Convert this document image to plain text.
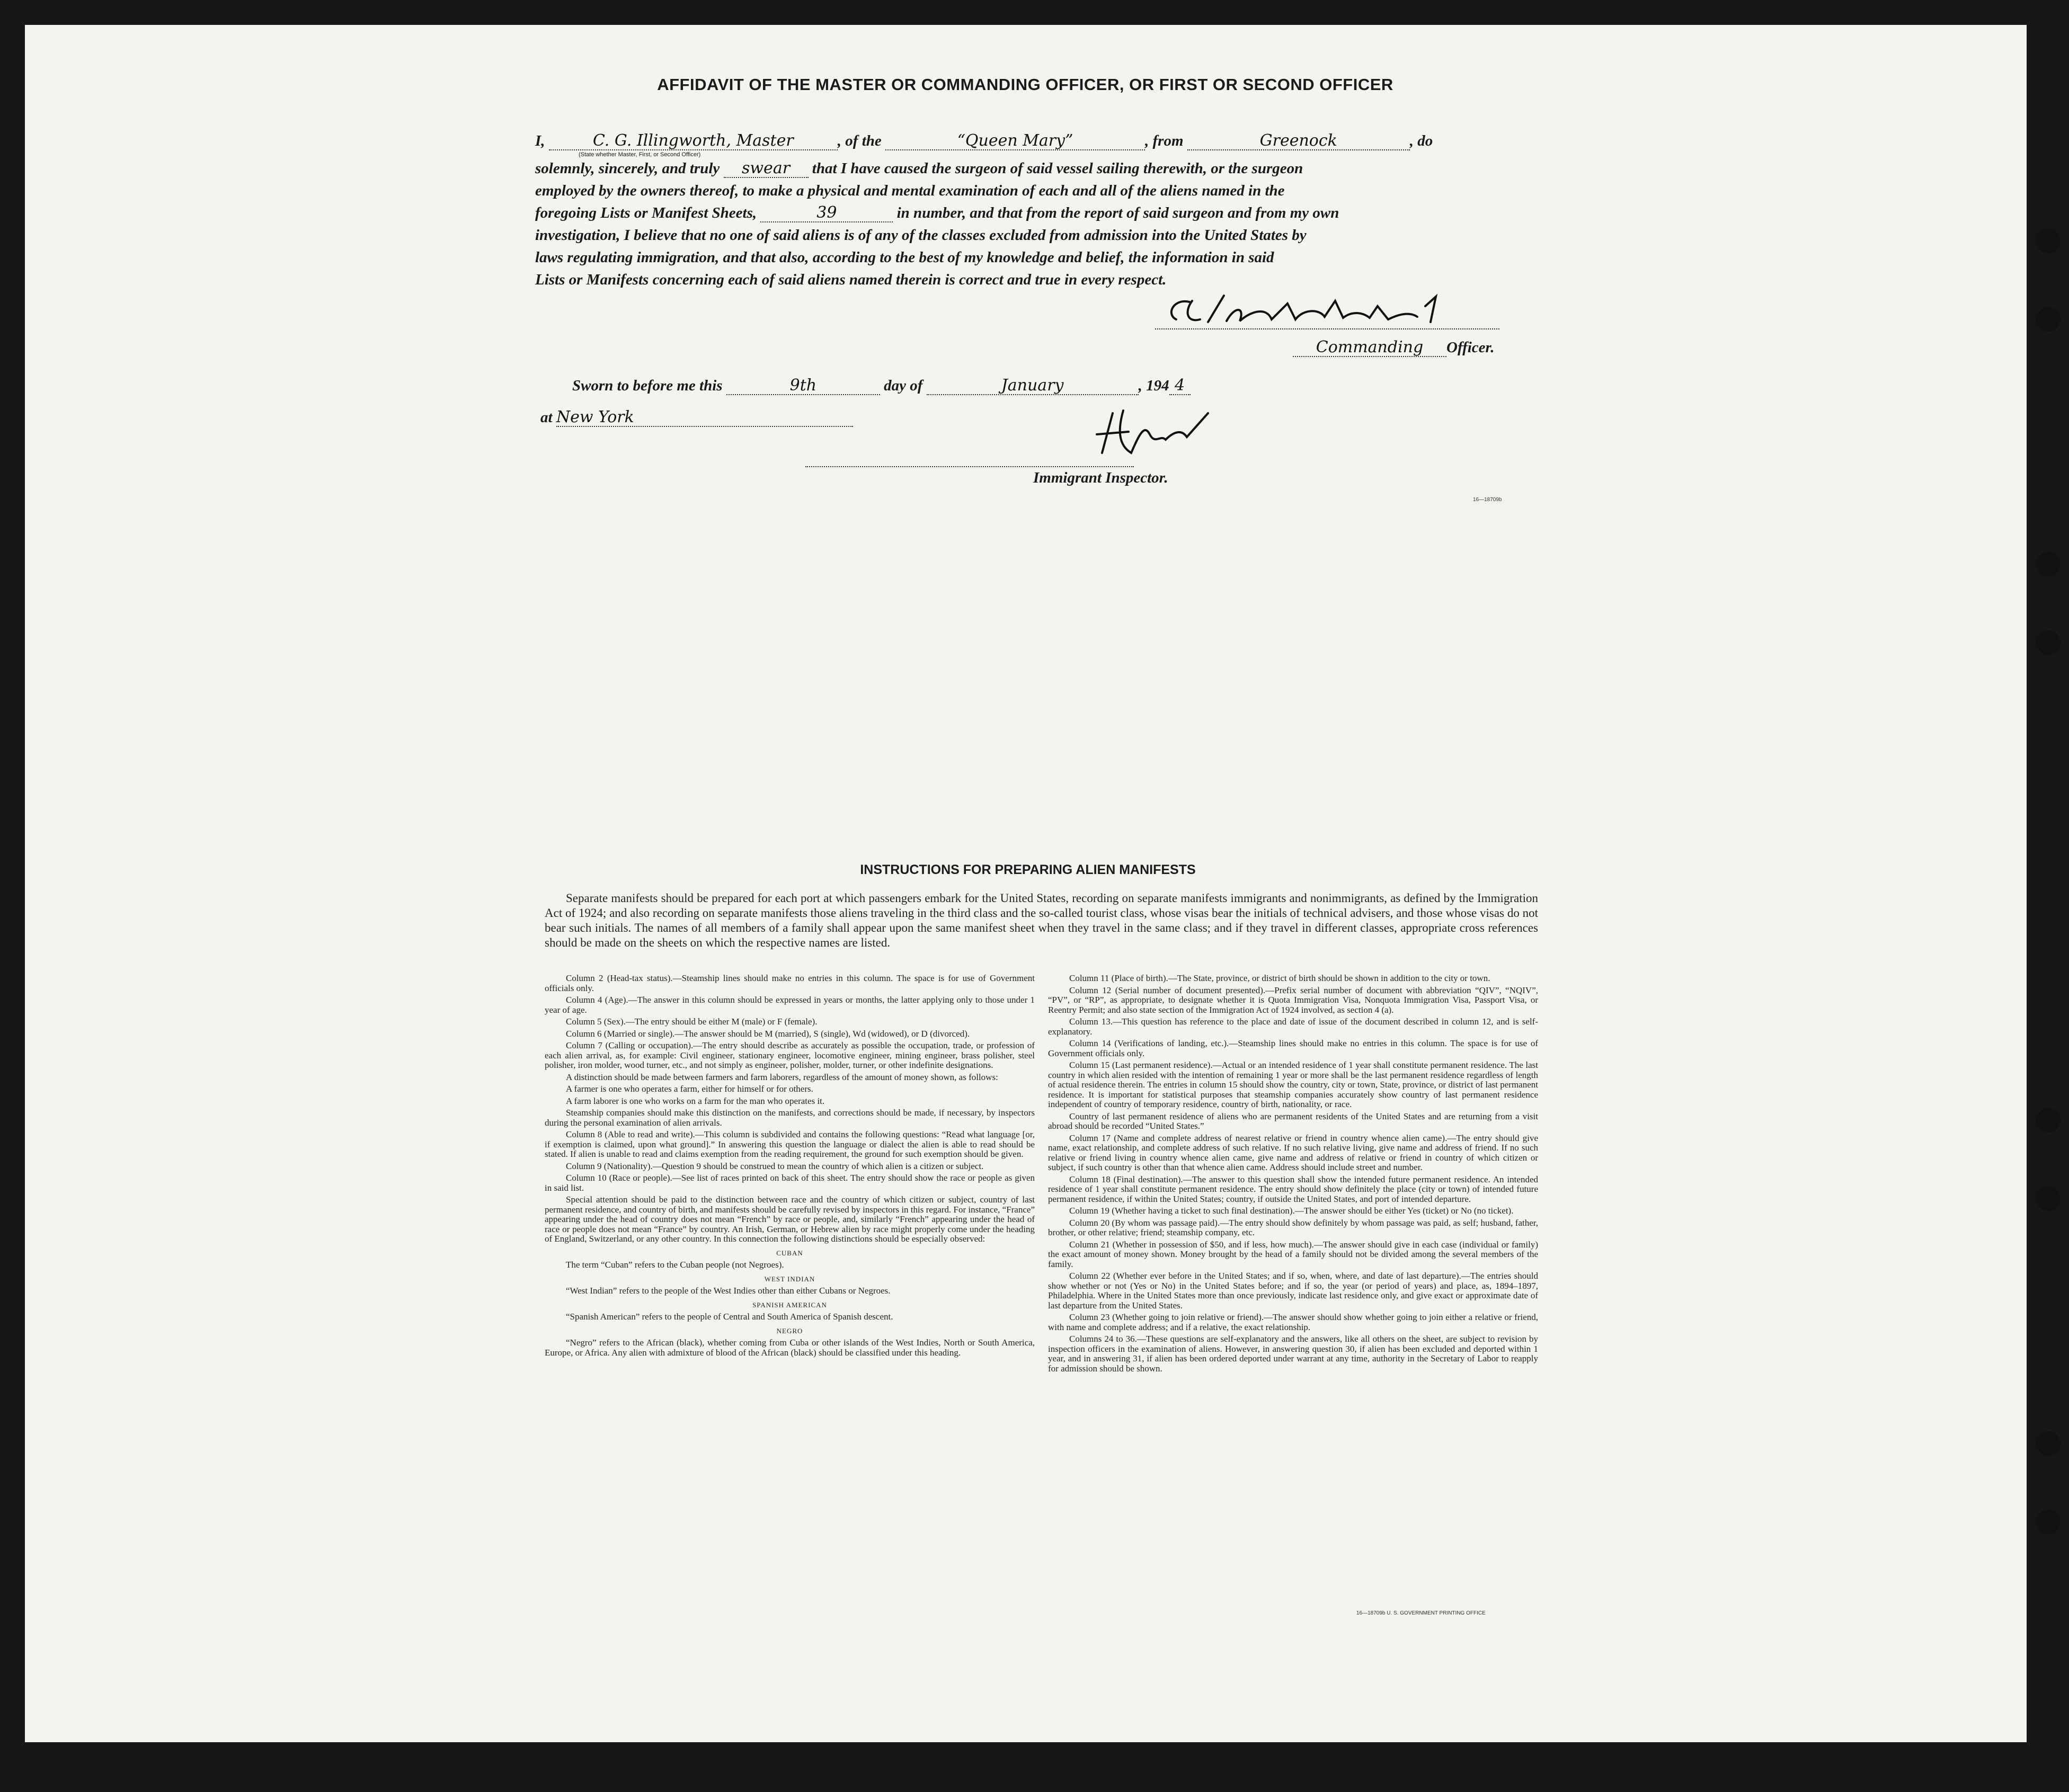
AFFIDAVIT OF THE MASTER OR COMMANDING OFFICER, OR FIRST OR SECOND OFFICER
I,	C. G. Illingworth, Master	, of the	“Queen Mary”	, from	Greenock	, do
(State whether Master, First, or Second Officer)
solemnly, sincerely, and truly swear that I have caused the surgeon of said vessel sailing therewith, or the surgeon
employed by the owners thereof, to make a physical and mental examination of each and all of the aliens named in the
foregoing Lists or Manifest Sheets,	39	in number, and that from the report of said surgeon and from my own
investigation, I believe that no one of said aliens is of any of the classes excluded from admission into the United States by
laws regulating immigration, and that also, according to the best of my knowledge and belief, the information in said
Lists or Manifests concerning each of said aliens named therein is correct and true in every respect.
Commanding Officer.
Sworn to before me this	9th	day of	January	, 194 4
at New York
Immigrant Inspector.
16—18709b
INSTRUCTIONS FOR PREPARING ALIEN MANIFESTS
Separate manifests should be prepared for each port at which passengers embark for the United States, recording on separate manifests immigrants and nonimmigrants, as defined by the Immigration Act of 1924; and also recording on separate manifests those aliens traveling in the third class and the so-called tourist class, whose visas bear the initials of technical advisers, and those whose visas do not bear such initials. The names of all members of a family shall appear upon the same manifest sheet when they travel in the same class; and if they travel in different classes, appropriate cross references should be made on the sheets on which the respective names are listed.

Column 2 (Head-tax status).—Steamship lines should make no entries in this column. The space is for use of Government officials only.

Column 4 (Age).—The answer in this column should be expressed in years or months, the latter applying only to those under 1 year of age.

Column 5 (Sex).—The entry should be either M (male) or F (female).

Column 6 (Married or single).—The answer should be M (married), S (single), Wd (widowed), or D (divorced).

Column 7 (Calling or occupation).—The entry should describe as accurately as possible the occupation, trade, or profession of each alien arrival, as, for example: Civil engineer, stationary engineer, locomotive engineer, mining engineer, brass polisher, steel polisher, iron molder, wood turner, etc., and not simply as engineer, polisher, molder, turner, or other indefinite designations.

A distinction should be made between farmers and farm laborers, regardless of the amount of money shown, as follows:

A farmer is one who operates a farm, either for himself or for others.

A farm laborer is one who works on a farm for the man who operates it.

Steamship companies should make this distinction on the manifests, and corrections should be made, if necessary, by inspectors during the personal examination of alien arrivals.

Column 8 (Able to read and write).—This column is subdivided and contains the following questions: “Read what language [or, if exemption is claimed, upon what ground].” In answering this question the language or dialect the alien is able to read should be stated. If alien is unable to read and claims exemption from the reading requirement, the ground for such exemption should be given.

Column 9 (Nationality).—Question 9 should be construed to mean the country of which alien is a citizen or subject.

Column 10 (Race or people).—See list of races printed on back of this sheet. The entry should show the race or people as given in said list.

Special attention should be paid to the distinction between race and the country of which citizen or subject, country of last permanent residence, and country of birth, and manifests should be carefully revised by inspectors in this regard. For instance, “France” appearing under the head of country does not mean “French” by race or people, and, similarly “French” appearing under the head of race or people does not mean “France” by country. An Irish, German, or Hebrew alien by race might properly come under the heading of England, Switzerland, or any other country. In this connection the following distinctions should be especially observed:

CUBAN

The term “Cuban” refers to the Cuban people (not Negroes).

WEST INDIAN

“West Indian” refers to the people of the West Indies other than either Cubans or Negroes.

SPANISH AMERICAN

“Spanish American” refers to the people of Central and South America of Spanish descent.

NEGRO

“Negro” refers to the African (black), whether coming from Cuba or other islands of the West Indies, North or South America, Europe, or Africa. Any alien with admixture of blood of the African (black) should be classified under this heading.

Column 11 (Place of birth).—The State, province, or district of birth should be shown in addition to the city or town.

Column 12 (Serial number of document presented).—Prefix serial number of document with abbreviation “QIV”, “NQIV”, “PV”, or “RP”, as appropriate, to designate whether it is Quota Immigration Visa, Nonquota Immigration Visa, Passport Visa, or Reentry Permit; and also state section of the Immigration Act of 1924 involved, as section 4 (a).

Column 13.—This question has reference to the place and date of issue of the document described in column 12, and is self-explanatory.

Column 14 (Verifications of landing, etc.).—Steamship lines should make no entries in this column. The space is for use of Government officials only.

Column 15 (Last permanent residence).—Actual or an intended residence of 1 year shall constitute permanent residence. The last country in which alien resided with the intention of remaining 1 year or more shall be the last permanent residence regardless of length of actual residence therein. The entries in column 15 should show the country, city or town, State, province, or district of last permanent residence. It is important for statistical purposes that steamship companies accurately show country of last permanent residence independent of country of temporary residence, country of birth, nationality, or race.

Country of last permanent residence of aliens who are permanent residents of the United States and are returning from a visit abroad should be recorded “United States.”

Column 17 (Name and complete address of nearest relative or friend in country whence alien came).—The entry should give name, exact relationship, and complete address of such relative. If no such relative living, give name and address of friend. If no such relative or friend living in country whence alien came, give name and address of relative or friend in country of which citizen or subject, if such country is other than that whence alien came. Address should include street and number.

Column 18 (Final destination).—The answer to this question shall show the intended future permanent residence. An intended residence of 1 year shall constitute permanent residence. The entry should show definitely the place (city or town) of intended future permanent residence, if within the United States; country, if outside the United States, and port of intended departure.

Column 19 (Whether having a ticket to such final destination).—The answer should be either Yes (ticket) or No (no ticket).

Column 20 (By whom was passage paid).—The entry should show definitely by whom passage was paid, as self; husband, father, brother, or other relative; friend; steamship company, etc.

Column 21 (Whether in possession of $50, and if less, how much).—The answer should give in each case (individual or family) the exact amount of money shown. Money brought by the head of a family should not be divided among the several members of the family.

Column 22 (Whether ever before in the United States; and if so, when, where, and date of last departure).—The entries should show whether or not (Yes or No) in the United States before; and if so, the year (or period of years) and place, as, 1894–1897, Philadelphia. Where in the United States more than once previously, indicate last residence only, and give exact or approximate date of last departure from the United States.

Column 23 (Whether going to join relative or friend).—The answer should show whether going to join either a relative or friend, with name and complete address; and if a relative, the exact relationship.

Columns 24 to 36.—These questions are self-explanatory and the answers, like all others on the sheet, are subject to revision by inspection officers in the examination of aliens. However, in answering question 30, if alien has been excluded and deported within 1 year, and in answering 31, if alien has been ordered deported under warrant at any time, authority in the Secretary of Labor to reapply for admission should be shown.

16—18709b U. S. GOVERNMENT PRINTING OFFICE
